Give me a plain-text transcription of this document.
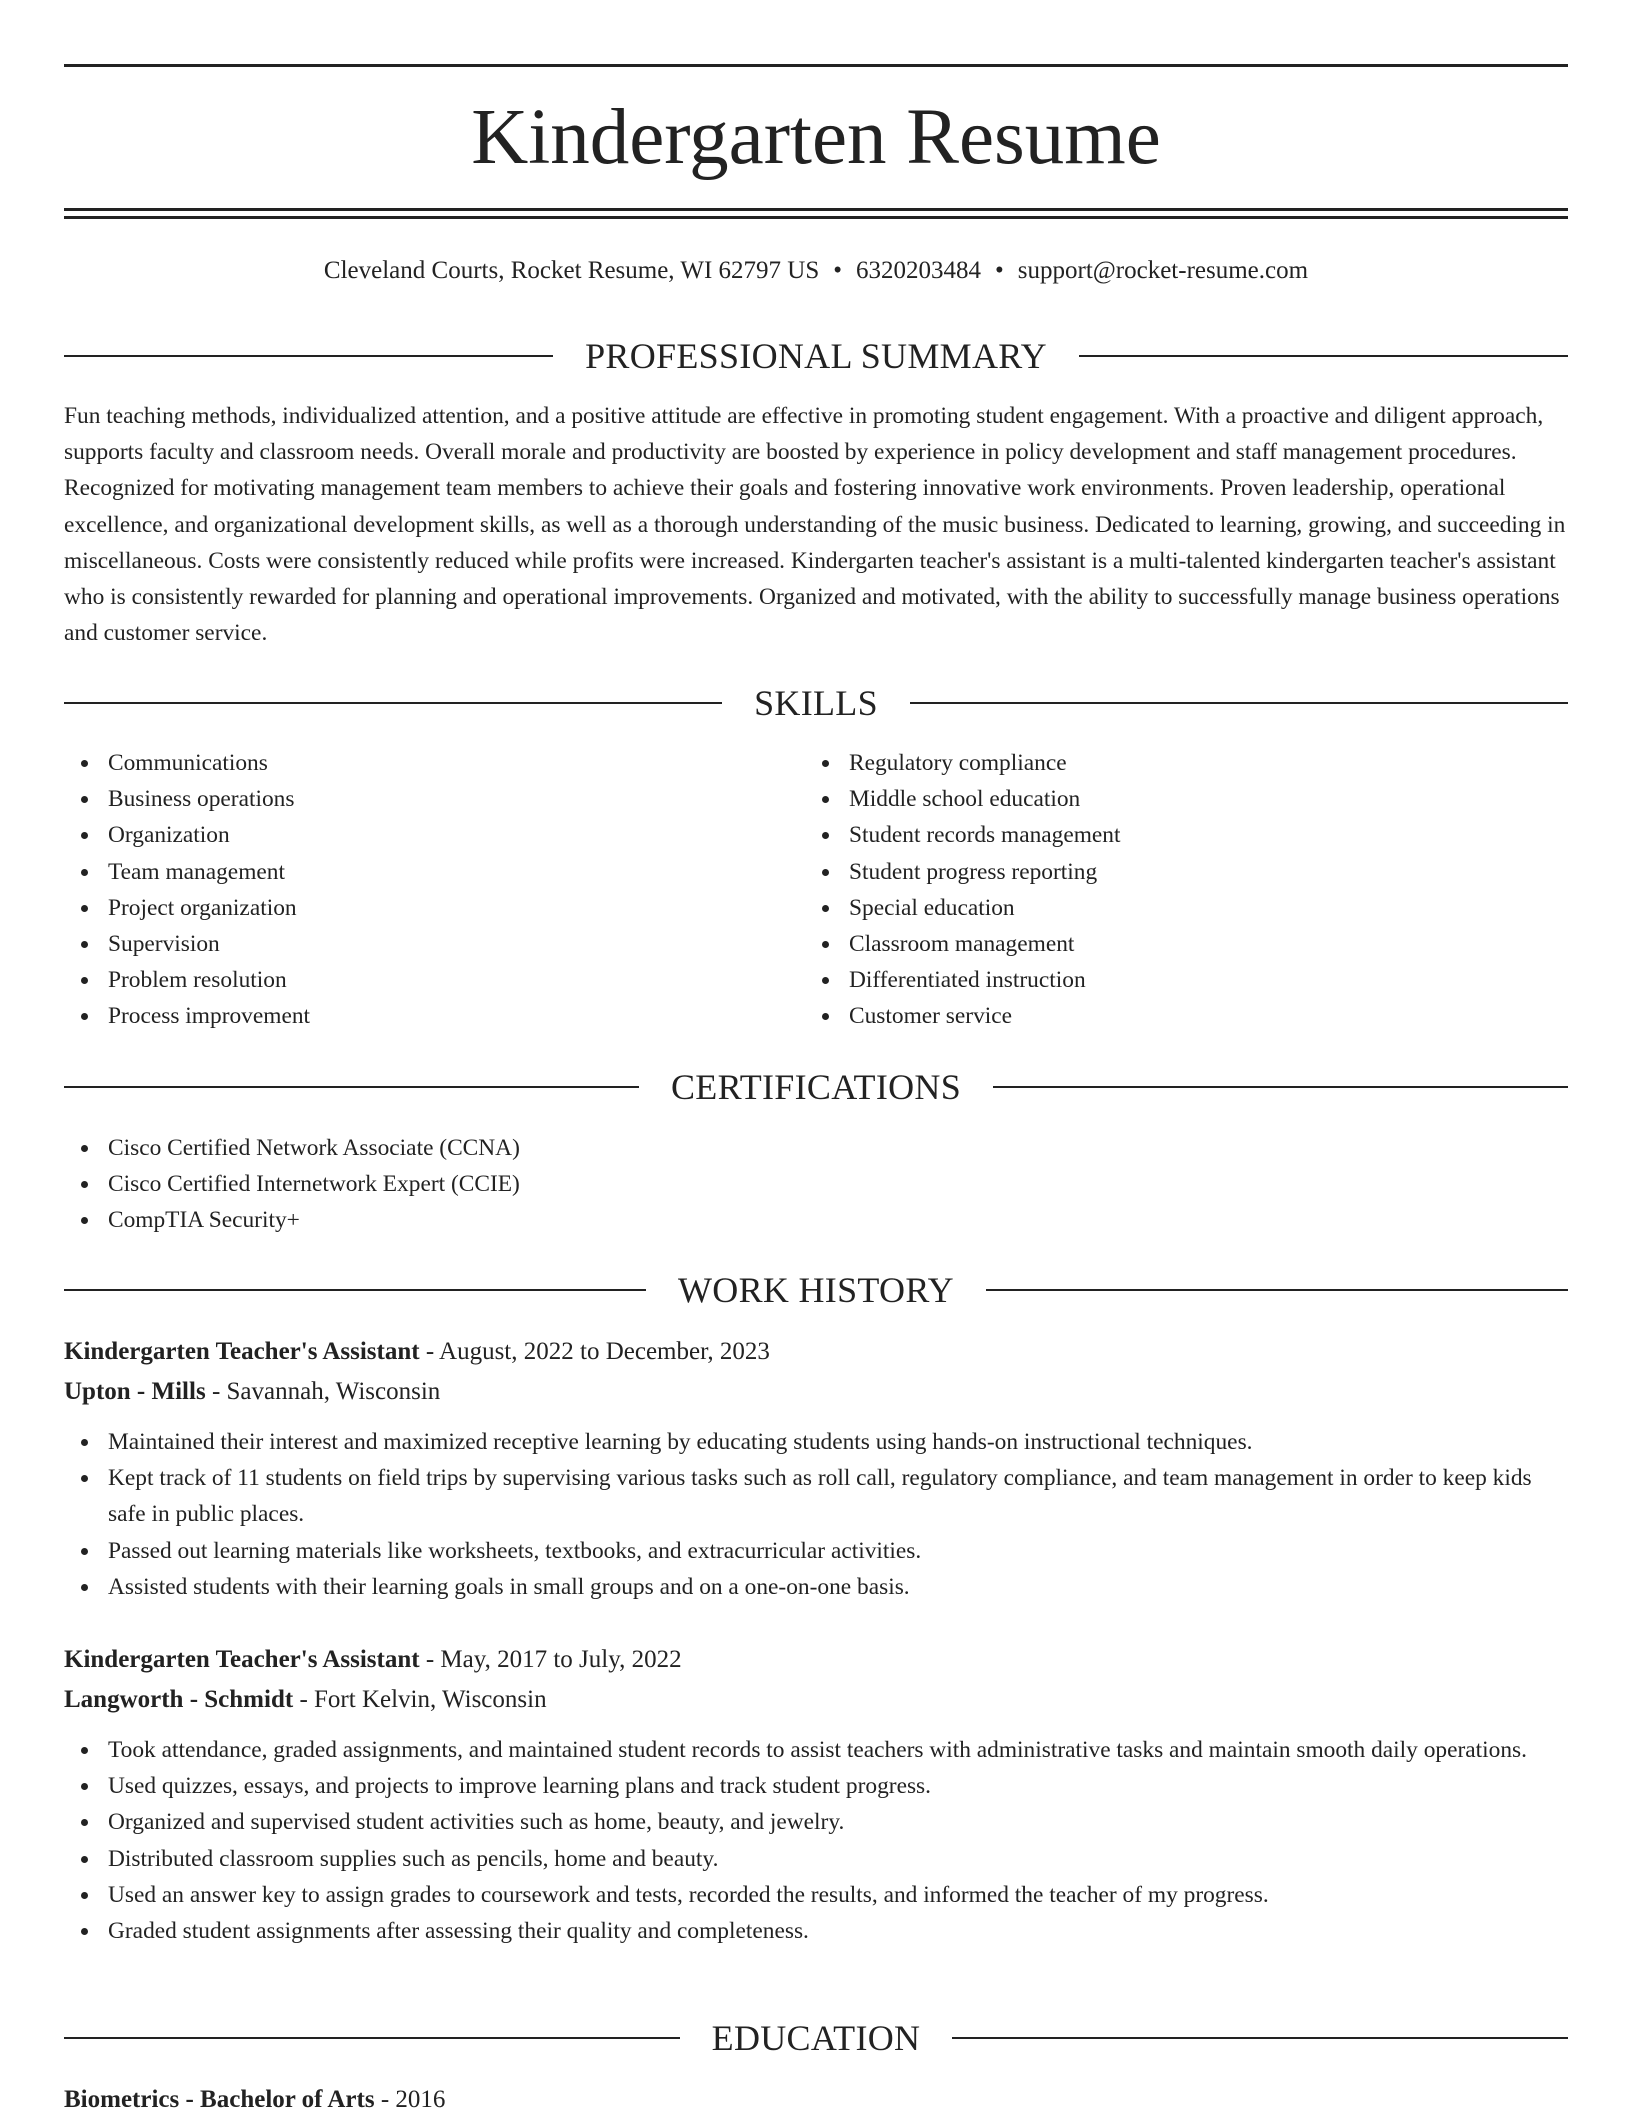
Kindergarten Resume
Cleveland Courts, Rocket Resume, WI 62797 US • 6320203484 • support@rocket-resume.com
PROFESSIONAL SUMMARY

Fun teaching methods, individualized attention, and a positive attitude are effective in promoting student engagement. With a proactive and diligent approach, supports faculty and classroom needs. Overall morale and productivity are boosted by experience in policy development and staff management procedures. Recognized for motivating management team members to achieve their goals and fostering innovative work environments. Proven leadership, operational excellence, and organizational development skills, as well as a thorough understanding of the music business. Dedicated to learning, growing, and succeeding in miscellaneous. Costs were consistently reduced while profits were increased. Kindergarten teacher's assistant is a multi-talented kindergarten teacher's assistant who is consistently rewarded for planning and operational improvements. Organized and motivated, with the ability to successfully manage business operations and customer service.

SKILLS
Communications
Business operations
Organization
Team management
Project organization
Supervision
Problem resolution
Process improvement
Regulatory compliance
Middle school education
Student records management
Student progress reporting
Special education
Classroom management
Differentiated instruction
Customer service
CERTIFICATIONS
Cisco Certified Network Associate (CCNA)
Cisco Certified Internetwork Expert (CCIE)
CompTIA Security+
WORK HISTORY
Kindergarten Teacher's Assistant - August, 2022 to December, 2023
Upton - Mills - Savannah, Wisconsin
Maintained their interest and maximized receptive learning by educating students using hands-on instructional techniques.
Kept track of 11 students on field trips by supervising various tasks such as roll call, regulatory compliance, and team management in order to keep kids safe in public places.
Passed out learning materials like worksheets, textbooks, and extracurricular activities.
Assisted students with their learning goals in small groups and on a one-on-one basis.
Kindergarten Teacher's Assistant - May, 2017 to July, 2022
Langworth - Schmidt - Fort Kelvin, Wisconsin
Took attendance, graded assignments, and maintained student records to assist teachers with administrative tasks and maintain smooth daily operations.
Used quizzes, essays, and projects to improve learning plans and track student progress.
Organized and supervised student activities such as home, beauty, and jewelry.
Distributed classroom supplies such as pencils, home and beauty.
Used an answer key to assign grades to coursework and tests, recorded the results, and informed the teacher of my progress.
Graded student assignments after assessing their quality and completeness.
EDUCATION
Biometrics - Bachelor of Arts - 2016
